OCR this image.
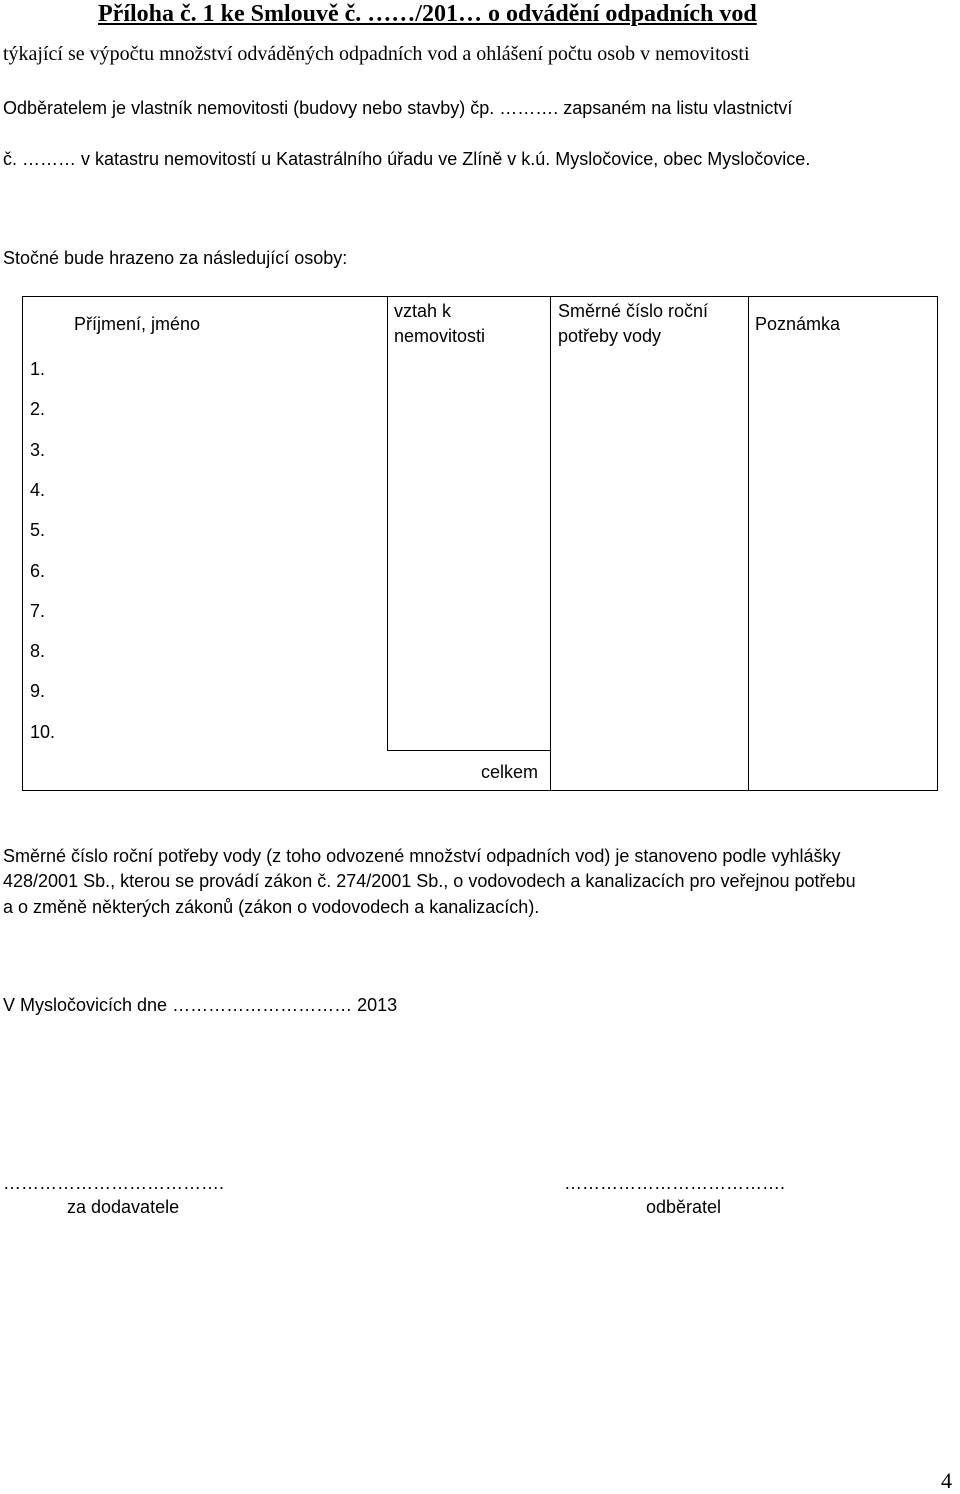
Příloha č. 1 ke Smlouvě č. ……/201… o odvádění odpadních vod
týkající se výpočtu množství odváděných odpadních vod a ohlášení počtu osob v nemovitosti
Odběratelem je vlastník nemovitosti (budovy nebo stavby) čp. ………. zapsaném na listu vlastnictví
č. ……… v katastru nemovitostí u Katastrálního úřadu ve Zlíně v k.ú. Mysločovice, obec Mysločovice.
Stočné bude hrazeno za následující osoby:
Příjmení, jméno
vztah k
nemovitosti
Směrné číslo roční
potřeby vody
Poznámka
1.
2.
3.
4.
5.
6.
7.
8.
9.
10.
celkem
Směrné číslo roční potřeby vody (z toho odvozené množství odpadních vod) je stanoveno podle vyhlášky
428/2001 Sb., kterou se provádí zákon č. 274/2001 Sb., o vodovodech a kanalizacích pro veřejnou potřebu
a o změně některých zákonů (zákon o vodovodech a kanalizacích).
V Mysločovicích dne ………………………… 2013
……………………………….
za dodavatele
……………………………….
odběratel
4
